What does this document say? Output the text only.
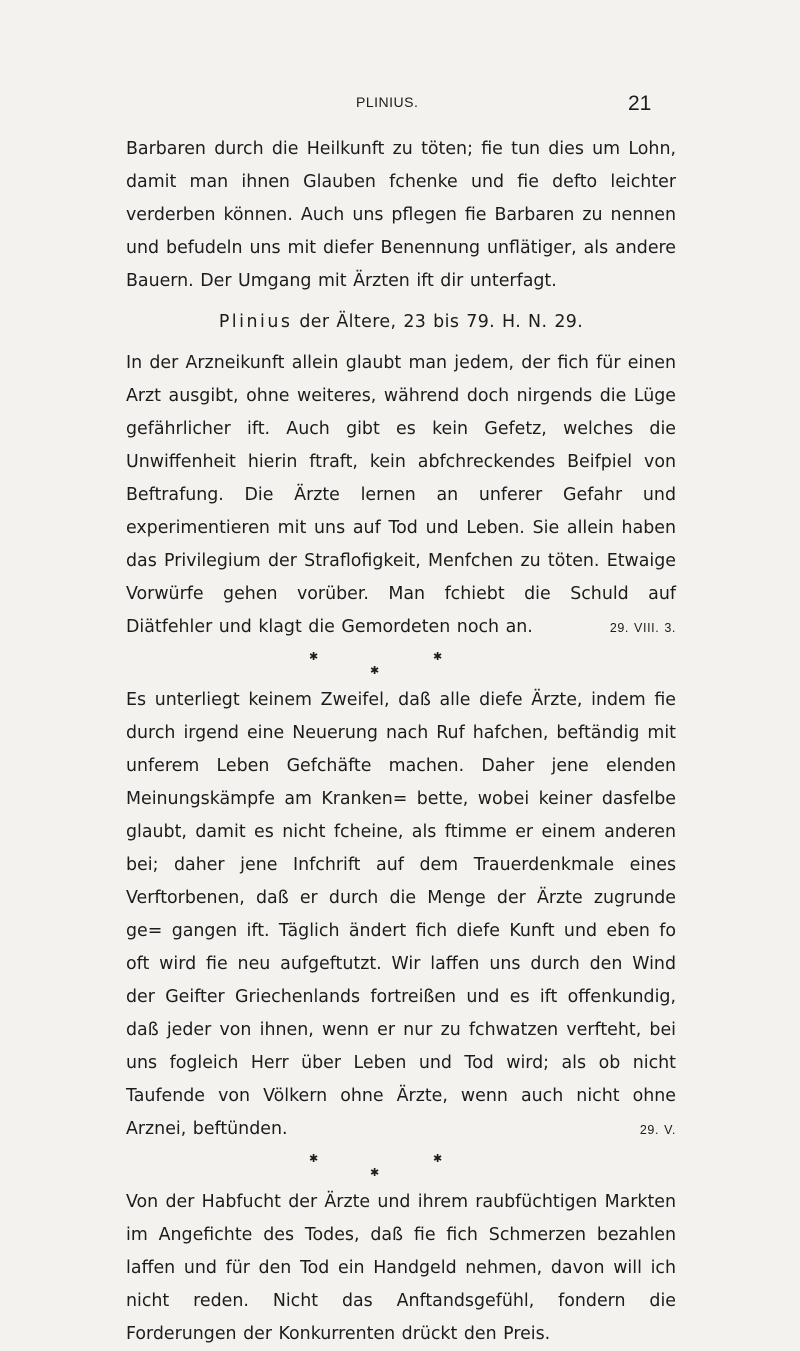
PLINIUS.	21

Barbaren durch die Heilkunft zu töten; fie tun dies um Lohn, damit man ihnen Glauben fchenke und fie defto leichter verderben können. Auch uns pflegen fie Barbaren zu nennen und befudeln uns mit diefer Benennung unflätiger, als andere Bauern. Der Umgang mit Ärzten ift dir unterfagt.

Plinius der Ältere, 23 bis 79. H. N. 29.

In der Arzneikunft allein glaubt man jedem, der fich für einen Arzt ausgibt, ohne weiteres, während doch nirgends die Lüge gefährlicher ift. Auch gibt es kein Gefetz, welches die Unwiffenheit hierin ftraft, kein abfchreckendes Beifpiel von Beftrafung. Die Ärzte lernen an unferer Gefahr und experimentieren mit uns auf Tod und Leben. Sie allein haben das Privilegium der Straflofigkeit, Menfchen zu töten. Etwaige Vorwürfe gehen vorüber. Man fchiebt die Schuld auf Diätfehler und klagt die Gemordeten noch an.	29. VIII. 3.

✱	✱
✱

Es unterliegt keinem Zweifel, daß alle diefe Ärzte, indem fie durch irgend eine Neuerung nach Ruf hafchen, beftändig mit unferem Leben Gefchäfte machen. Daher jene elenden Meinungskämpfe am Kranken= bette, wobei keiner dasfelbe glaubt, damit es nicht fcheine, als ftimme er einem anderen bei; daher jene Infchrift auf dem Trauerdenkmale eines Verftorbenen, daß er durch die Menge der Ärzte zugrunde ge= gangen ift. Täglich ändert fich diefe Kunft und eben fo oft wird fie neu aufgeftutzt. Wir laffen uns durch den Wind der Geifter Griechenlands fortreißen und es ift offenkundig, daß jeder von ihnen, wenn er nur zu fchwatzen verfteht, bei uns fogleich Herr über Leben und Tod wird; als ob nicht Taufende von Völkern ohne Ärzte, wenn auch nicht ohne Arznei, beftünden.	29. V.

✱	✱
✱

Von der Habfucht der Ärzte und ihrem raubfüchtigen Markten im Angefichte des Todes, daß fie fich Schmerzen bezahlen laffen und für den Tod ein Handgeld nehmen, davon will ich nicht reden. Nicht das Anftandsgefühl, fondern die Forderungen der Konkurrenten drückt den Preis.
